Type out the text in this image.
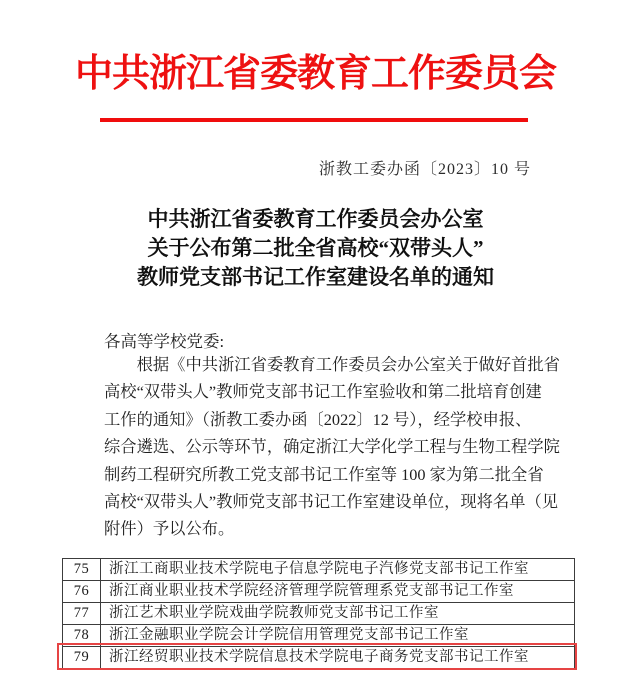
中共浙江省委教育工作委员会
浙教工委办函〔2023〕10 号
中共浙江省委教育工作委员会办公室
关于公布第二批全省高校“双带头人”
教师党支部书记工作室建设名单的通知
各高等学校党委:
根据《中共浙江省委教育工作委员会办公室关于做好首批省
高校“双带头人”教师党支部书记工作室验收和第二批培育创建
工作的通知》（浙教工委办函〔2022〕12 号），经学校申报、
综合遴选、公示等环节，确定浙江大学化学工程与生物工程学院
制药工程研究所教工党支部书记工作室等 100 家为第二批全省
高校“双带头人”教师党支部书记工作室建设单位，现将名单（见
附件）予以公布。
75	浙江工商职业技术学院电子信息学院电子汽修党支部书记工作室
76	浙江商业职业技术学院经济管理学院管理系党支部书记工作室
77	浙江艺术职业学院戏曲学院教师党支部书记工作室
78	浙江金融职业学院会计学院信用管理党支部书记工作室
79	浙江经贸职业技术学院信息技术学院电子商务党支部书记工作室
